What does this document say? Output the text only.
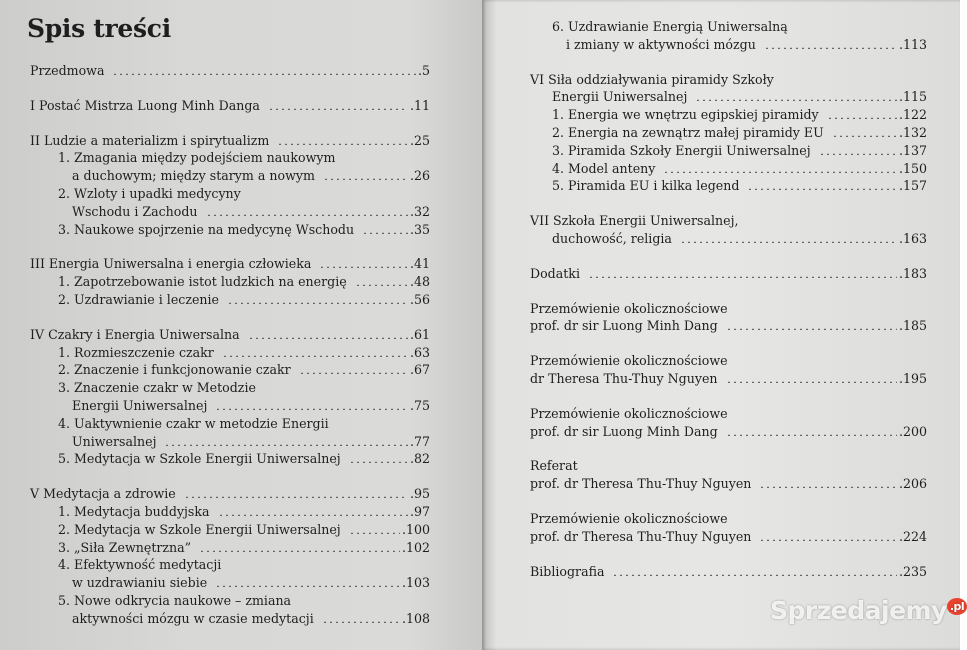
Spis treści
Przedmowa	.5
I Postać Mistrza Luong Minh Danga	.11
II Ludzie a materializm i spirytualizm	.25
1. Zmagania między podejściem naukowym
a duchowym; między starym a nowym	.26
2. Wzloty i upadki medycyny
Wschodu i Zachodu	.32
3. Naukowe spojrzenie na medycynę Wschodu	.35
III Energia Uniwersalna i energia człowieka	.41
1. Zapotrzebowanie istot ludzkich na energię	.48
2. Uzdrawianie i leczenie	.56
IV Czakry i Energia Uniwersalna	.61
1. Rozmieszczenie czakr	.63
2. Znaczenie i funkcjonowanie czakr	.67
3. Znaczenie czakr w Metodzie
Energii Uniwersalnej	.75
4. Uaktywnienie czakr w metodzie Energii
Uniwersalnej	.77
5. Medytacja w Szkole Energii Uniwersalnej	.82
V Medytacja a zdrowie	.95
1. Medytacja buddyjska	.97
2. Medytacja w Szkole Energii Uniwersalnej	.100
3. „Siła Zewnętrzna”	.102
4. Efektywność medytacji
w uzdrawianiu siebie	.103
5. Nowe odkrycia naukowe – zmiana
aktywności mózgu w czasie medytacji	.108
6. Uzdrawianie Energią Uniwersalną
i zmiany w aktywności mózgu	.113
VI Siła oddziaływania piramidy Szkoły
Energii Uniwersalnej	.115
1. Energia we wnętrzu egipskiej piramidy	.122
2. Energia na zewnątrz małej piramidy EU	.132
3. Piramida Szkoły Energii Uniwersalnej	.137
4. Model anteny	.150
5. Piramida EU i kilka legend	.157
VII Szkoła Energii Uniwersalnej,
duchowość, religia	.163
Dodatki	.183
Przemówienie okolicznościowe
prof. dr sir Luong Minh Dang	.185
Przemówienie okolicznościowe
dr Theresa Thu-Thuy Nguyen	.195
Przemówienie okolicznościowe
prof. dr sir Luong Minh Dang	.200
Referat
prof. dr Theresa Thu-Thuy Nguyen	.206
Przemówienie okolicznościowe
prof. dr Theresa Thu-Thuy Nguyen	.224
Bibliografia	.235
Sprzedajemy $^{.pl}$
